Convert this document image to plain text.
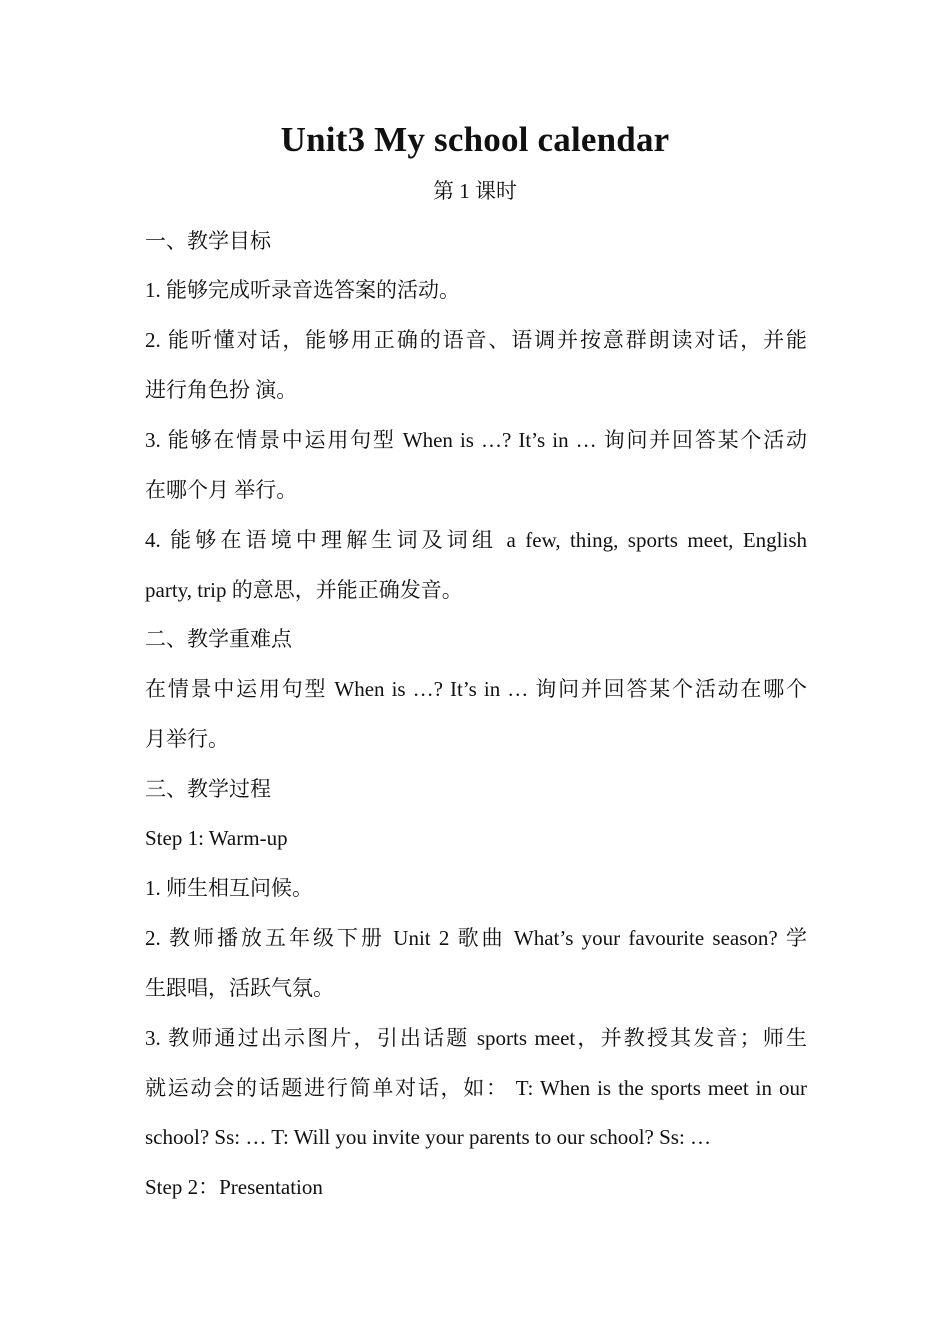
Unit3 My school calendar
第 1 课时
一、教学目标
1. 能够完成听录音选答案的活动。
2. 能听懂对话，能够用正确的语音、语调并按意群朗读对话，并能
进行角色扮 演。
3. 能够在情景中运用句型 When is …? It’s in … 询问并回答某个活动
在哪个月 举行。
4. 能够在语境中理解生词及词组 a few, thing, sports meet, English
party, trip 的意思，并能正确发音。
二、教学重难点
在情景中运用句型 When is …? It’s in … 询问并回答某个活动在哪个
月举行。
三、教学过程
Step 1: Warm-up
1. 师生相互问候。
2. 教师播放五年级下册 Unit 2 歌曲 What’s your favourite season? 学
生跟唱，活跃气氛。
3. 教师通过出示图片，引出话题 sports meet，并教授其发音；师生
就运动会的话题进行简单对话，如： T: When is the sports meet in our
school? Ss: … T: Will you invite your parents to our school? Ss: …
Step 2：Presentation
